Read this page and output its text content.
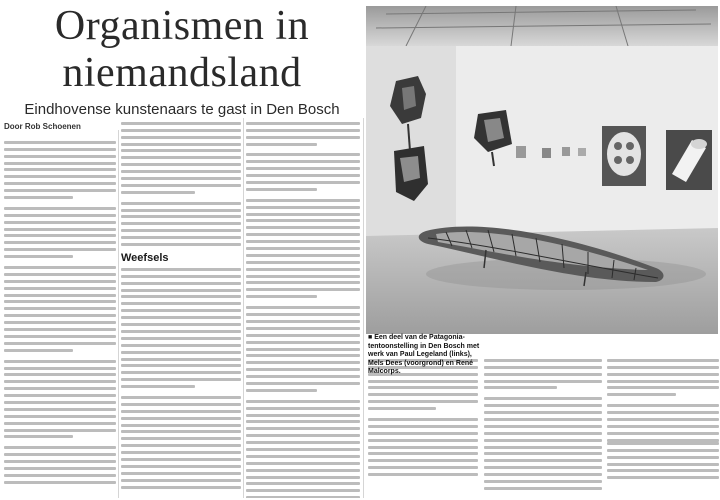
Organismen in
niemandsland
Eindhovense kunstenaars te gast in Den Bosch
Door Rob Schoenen
Weefsels
■ Een deel van de Patagonia-tentoonstelling in Den Bosch met werk van Paul Legeland (links), Mels Dees (voorgrond) en René Malcorps.
